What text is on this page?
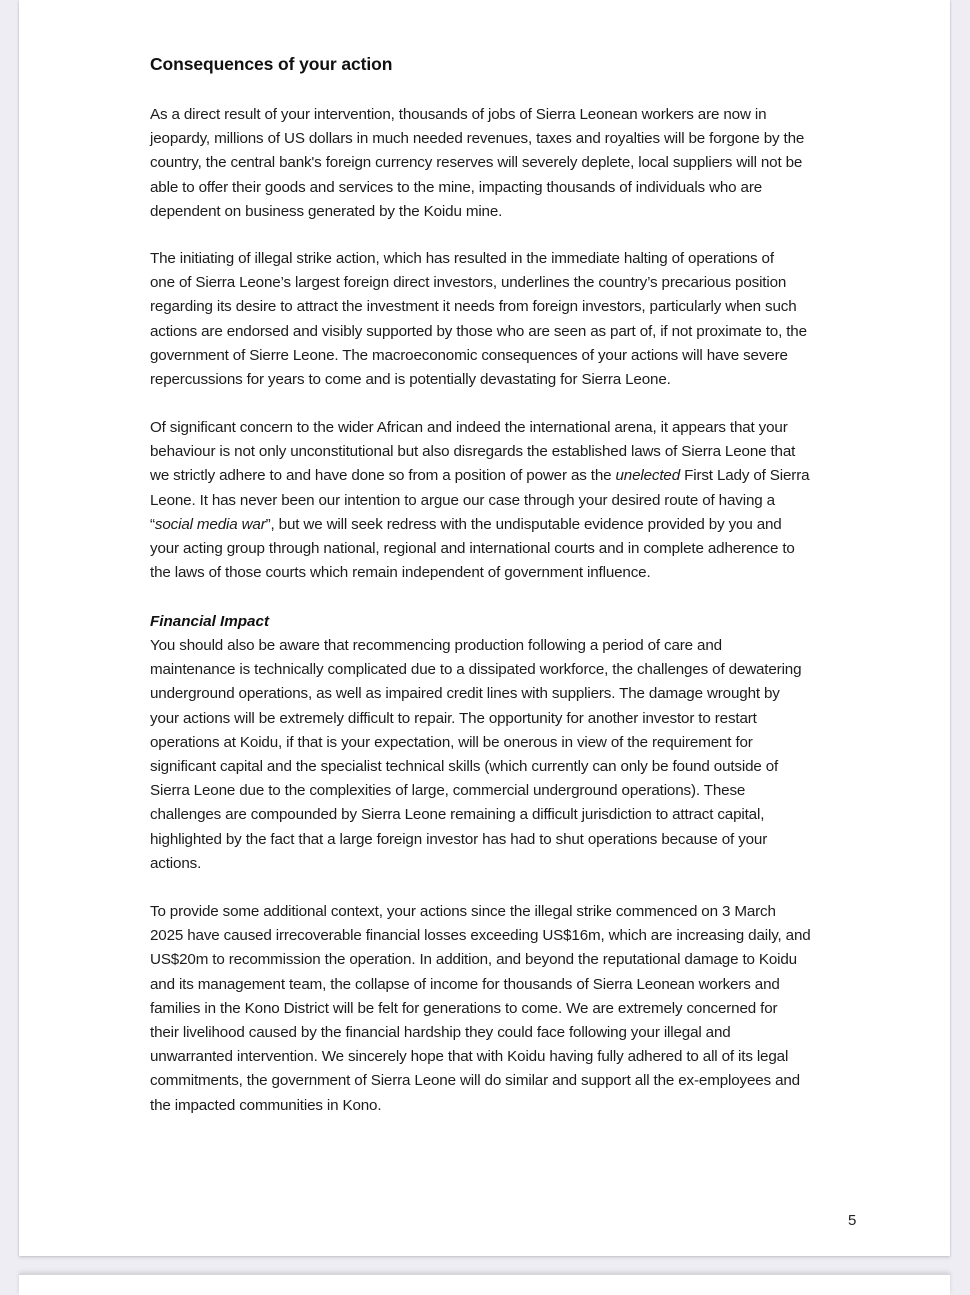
Consequences of your action
Financial Impact
5
As a direct result of your intervention, thousands of jobs of Sierra Leonean workers are now in
jeopardy, millions of US dollars in much needed revenues, taxes and royalties will be forgone by the
country, the central bank's foreign currency reserves will severely deplete, local suppliers will not be
able to offer their goods and services to the mine, impacting thousands of individuals who are
dependent on business generated by the Koidu mine.
The initiating of illegal strike action, which has resulted in the immediate halting of operations of
one of Sierra Leone’s largest foreign direct investors, underlines the country’s precarious position
regarding its desire to attract the investment it needs from foreign investors, particularly when such
actions are endorsed and visibly supported by those who are seen as part of, if not proximate to, the
government of Sierre Leone. The macroeconomic consequences of your actions will have severe
repercussions for years to come and is potentially devastating for Sierra Leone.
Of significant concern to the wider African and indeed the international arena, it appears that your
behaviour is not only unconstitutional but also disregards the established laws of Sierra Leone that
we strictly adhere to and have done so from a position of power as the unelected First Lady of Sierra
Leone. It has never been our intention to argue our case through your desired route of having a
“social media war”, but we will seek redress with the undisputable evidence provided by you and
your acting group through national, regional and international courts and in complete adherence to
the laws of those courts which remain independent of government influence.
You should also be aware that recommencing production following a period of care and
maintenance is technically complicated due to a dissipated workforce, the challenges of dewatering
underground operations, as well as impaired credit lines with suppliers. The damage wrought by
your actions will be extremely difficult to repair. The opportunity for another investor to restart
operations at Koidu, if that is your expectation, will be onerous in view of the requirement for
significant capital and the specialist technical skills (which currently can only be found outside of
Sierra Leone due to the complexities of large, commercial underground operations). These
challenges are compounded by Sierra Leone remaining a difficult jurisdiction to attract capital,
highlighted by the fact that a large foreign investor has had to shut operations because of your
actions.
To provide some additional context, your actions since the illegal strike commenced on 3 March
2025 have caused irrecoverable financial losses exceeding US$16m, which are increasing daily, and
US$20m to recommission the operation. In addition, and beyond the reputational damage to Koidu
and its management team, the collapse of income for thousands of Sierra Leonean workers and
families in the Kono District will be felt for generations to come. We are extremely concerned for
their livelihood caused by the financial hardship they could face following your illegal and
unwarranted intervention. We sincerely hope that with Koidu having fully adhered to all of its legal
commitments, the government of Sierra Leone will do similar and support all the ex-employees and
the impacted communities in Kono.
